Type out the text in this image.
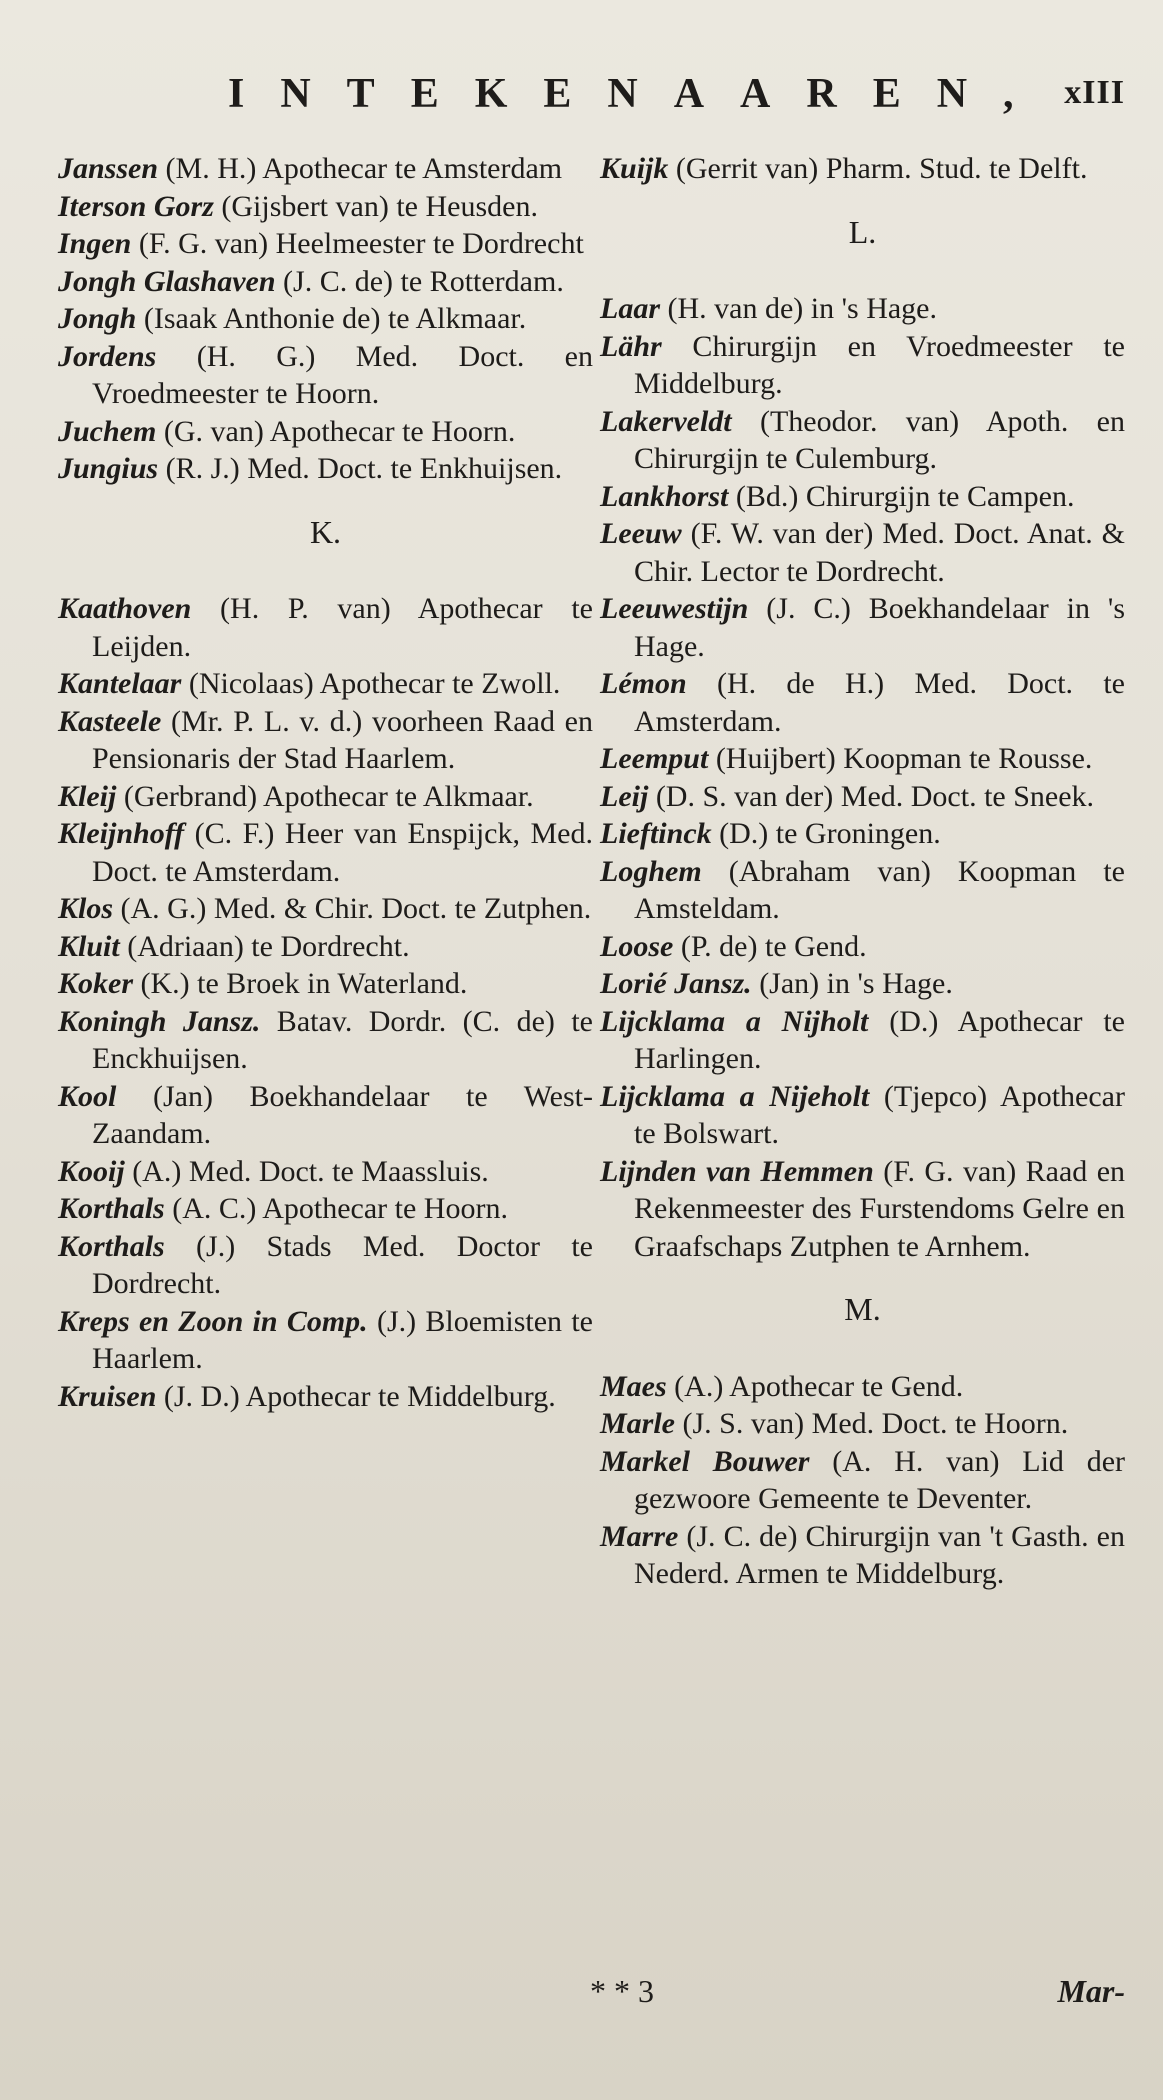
INTEKENAAREN, xIII
Janssen (M. H.) Apothecar te Amsterdam
Iterson Gorz (Gijsbert van) te Heusden.
Ingen (F. G. van) Heelmeester te Dordrecht
Jongh Glashaven (J. C. de) te Rotterdam.
Jongh (Isaak Anthonie de) te Alkmaar.
Jordens (H. G.) Med. Doct. en Vroedmeester te Hoorn.
Juchem (G. van) Apothecar te Hoorn.
Jungius (R. J.) Med. Doct. te Enkhuijsen.
K.
Kaathoven (H. P. van) Apothecar te Leijden.
Kantelaar (Nicolaas) Apothecar te Zwoll.
Kasteele (Mr. P. L. v. d.) voorheen Raad en Pensionaris der Stad Haarlem.
Kleij (Gerbrand) Apothecar te Alkmaar.
Kleijnhoff (C. F.) Heer van Enspijck, Med. Doct. te Amsterdam.
Klos (A. G.) Med. & Chir. Doct. te Zutphen.
Kluit (Adriaan) te Dordrecht.
Koker (K.) te Broek in Waterland.
Koningh Jansz. Batav. Dordr. (C. de) te Enckhuijsen.
Kool (Jan) Boekhandelaar te West-Zaandam.
Kooij (A.) Med. Doct. te Maassluis.
Korthals (A. C.) Apothecar te Hoorn.
Korthals (J.) Stads Med. Doctor te Dordrecht.
Kreps en Zoon in Comp. (J.) Bloemisten te Haarlem.
Kruisen (J. D.) Apothecar te Middelburg.
Kuijk (Gerrit van) Pharm. Stud. te Delft.
L.
Laar (H. van de) in 's Hage.
Lähr Chirurgijn en Vroedmeester te Middelburg.
Lakerveldt (Theodor. van) Apoth. en Chirurgijn te Culemburg.
Lankhorst (Bd.) Chirurgijn te Campen.
Leeuw (F. W. van der) Med. Doct. Anat. & Chir. Lector te Dordrecht.
Leeuwestijn (J. C.) Boekhandelaar in 's Hage.
Lémon (H. de H.) Med. Doct. te Amsterdam.
Leemput (Huijbert) Koopman te Rousse.
Leij (D. S. van der) Med. Doct. te Sneek.
Lieftinck (D.) te Groningen.
Loghem (Abraham van) Koopman te Amsteldam.
Loose (P. de) te Gend.
Lorié Jansz. (Jan) in 's Hage.
Lijcklama a Nijholt (D.) Apothecar te Harlingen.
Lijcklama a Nijeholt (Tjepco) Apothecar te Bolswart.
Lijnden van Hemmen (F. G. van) Raad en Rekenmeester des Furstendoms Gelre en Graafschaps Zutphen te Arnhem.
M.
Maes (A.) Apothecar te Gend.
Marle (J. S. van) Med. Doct. te Hoorn.
Markel Bouwer (A. H. van) Lid der gezwoore Gemeente te Deventer.
Marre (J. C. de) Chirurgijn van 't Gasth. en Nederd. Armen te Middelburg.
* * 3	Mar-
